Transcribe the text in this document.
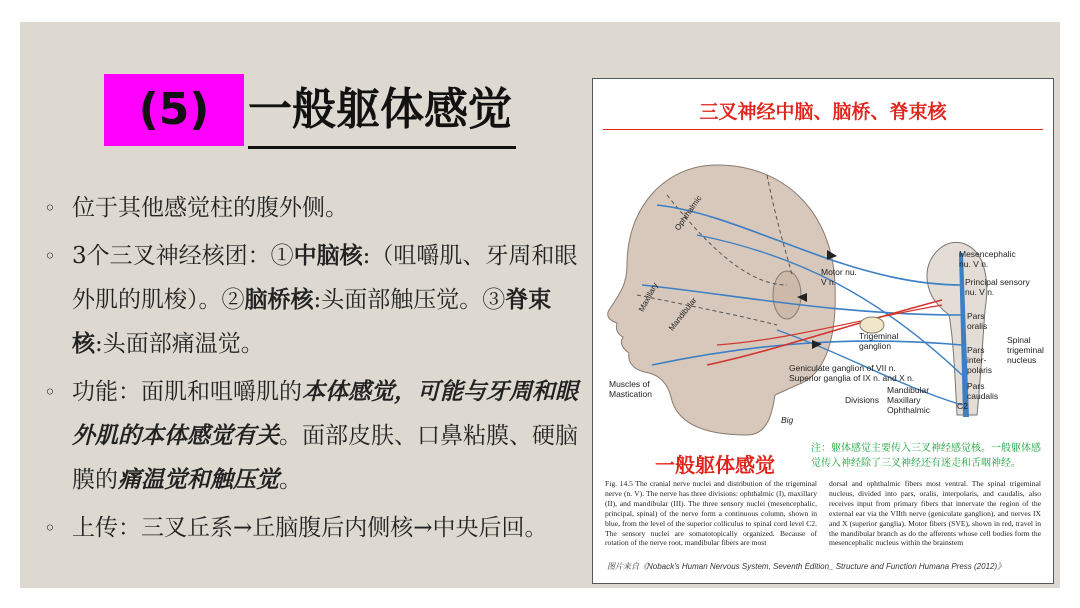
(5) 一般躯体感觉
◦ 位于其他感觉柱的腹外侧。
◦ 3个三叉神经核团：①中脑核:（咀嚼肌、牙周和眼外肌的肌梭）。②脑桥核:头面部触压觉。③脊束核:头面部痛温觉。
◦ 功能：面肌和咀嚼肌的本体感觉，可能与牙周和眼外肌的本体感觉有关。面部皮肤、口鼻粘膜、硬脑膜的痛温觉和触压觉。
◦ 上传：三叉丘系→丘脑腹后内侧核→中央后回。
三叉神经中脑、脑桥、脊束核
Ophthalmic
Maxillary Mandibular
Motor nu.
V n.
Mesencephalic
nu. V n.
Principal sensory
nu. V n.
Pars
oralis
Pars
inter-
polaris
Pars
caudalis
Spinal
trigeminal
nucleus
Trigeminal
ganglion
Geniculate ganglion of VII n.
Superior ganglia of IX n. and X n.
Muscles of
Mastication	Mandibular
Divisions Maxillary
Ophthalmic	C2
Big
注：躯体感觉主要传入三叉神经感觉核。一般躯体感觉传入神经除了三叉神经还有迷走和舌咽神经。
一般躯体感觉
Fig. 14.5 The cranial nerve nuclei and distribution of the trigeminal nerve (n. V). The nerve has three divisions: ophthalmic (I), maxillary (II), and mandibular (III). The three sensory nuclei (mesencephalic, principal, spinal) of the nerve form a continuous column, shown in blue, from the level of the superior colliculus to spinal cord level C2. The sensory nuclei are somatotopically organized. Because of rotation of the nerve root, mandibular fibers are most
dorsal and ophthalmic fibers most ventral. The spinal trigeminal nucleus, divided into pars, oralis, interpolaris, and caudalis, also receives input from primary fibers that innervate the region of the external ear via the VIIth nerve (geniculate ganglion), and nerves IX and X (superior ganglia). Motor fibers (SVE), shown in red, travel in the mandibular branch as do the afferents whose cell bodies form the mesencephalic nucleus within the brainstem
图片来自《Noback's Human Nervous System, Seventh Edition_ Structure and Function Humana Press (2012)》
